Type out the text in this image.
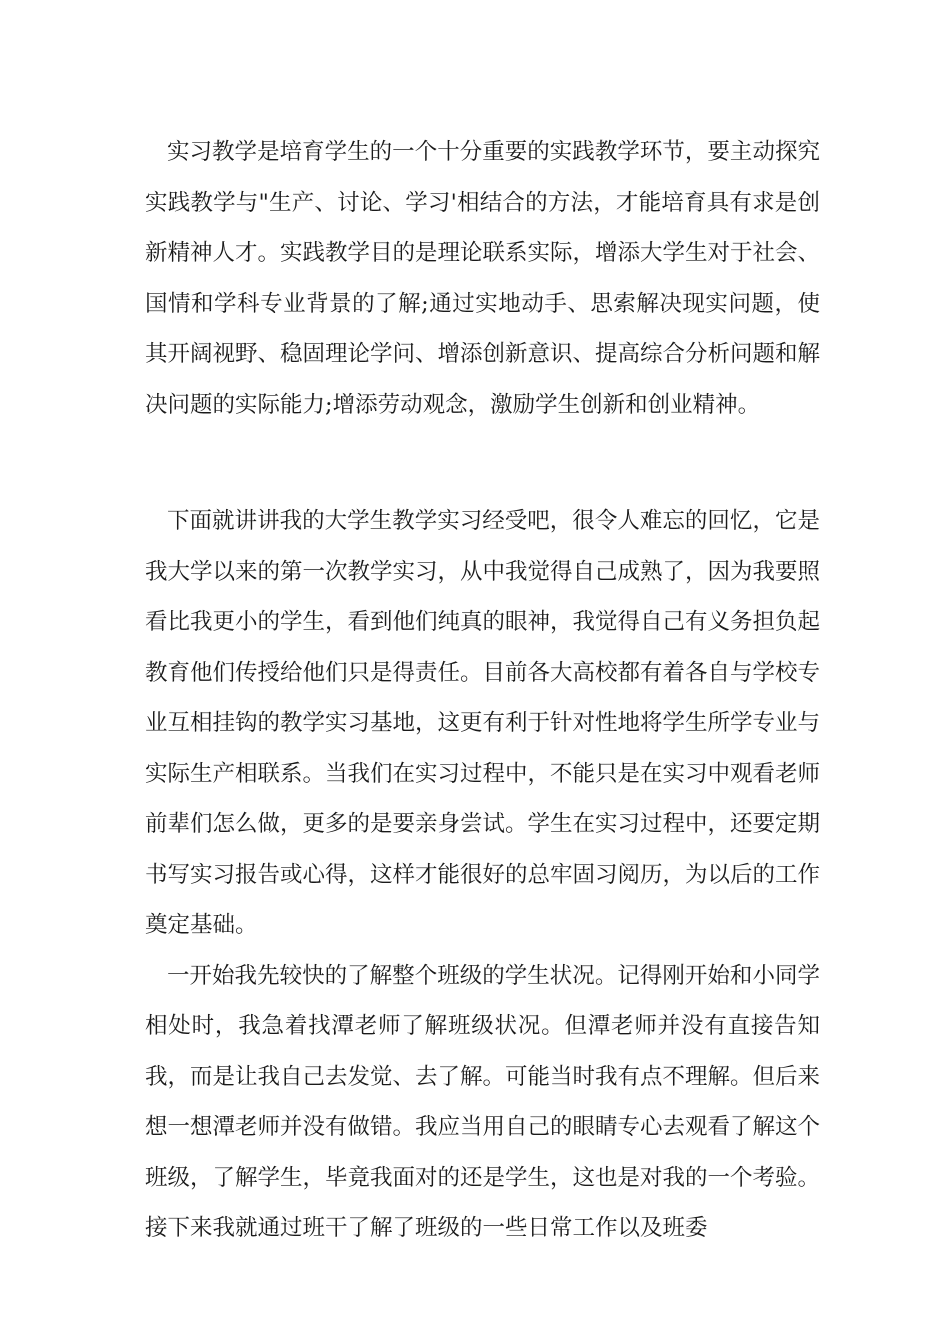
实习教学是培育学生的一个十分重要的实践教学环节，要主动探究实践教学与"生产、讨论、学习'相结合的方法，才能培育具有求是创新精神人才。实践教学目的是理论联系实际，增添大学生对于社会、国情和学科专业背景的了解;通过实地动手、思索解决现实问题，使其开阔视野、稳固理论学问、增添创新意识、提高综合分析问题和解决问题的实际能力;增添劳动观念，激励学生创新和创业精神。

下面就讲讲我的大学生教学实习经受吧，很令人难忘的回忆，它是我大学以来的第一次教学实习，从中我觉得自己成熟了，因为我要照看比我更小的学生，看到他们纯真的眼神，我觉得自己有义务担负起教育他们传授给他们只是得责任。目前各大高校都有着各自与学校专业互相挂钩的教学实习基地，这更有利于针对性地将学生所学专业与实际生产相联系。当我们在实习过程中，不能只是在实习中观看老师前辈们怎么做，更多的是要亲身尝试。学生在实习过程中，还要定期书写实习报告或心得，这样才能很好的总牢固习阅历，为以后的工作奠定基础。

一开始我先较快的了解整个班级的学生状况。记得刚开始和小同学相处时，我急着找潭老师了解班级状况。但潭老师并没有直接告知我，而是让我自己去发觉、去了解。可能当时我有点不理解。但后来想一想潭老师并没有做错。我应当用自己的眼睛专心去观看了解这个班级，了解学生，毕竟我面对的还是学生，这也是对我的一个考验。接下来我就通过班干了解了班级的一些日常工作以及班委
